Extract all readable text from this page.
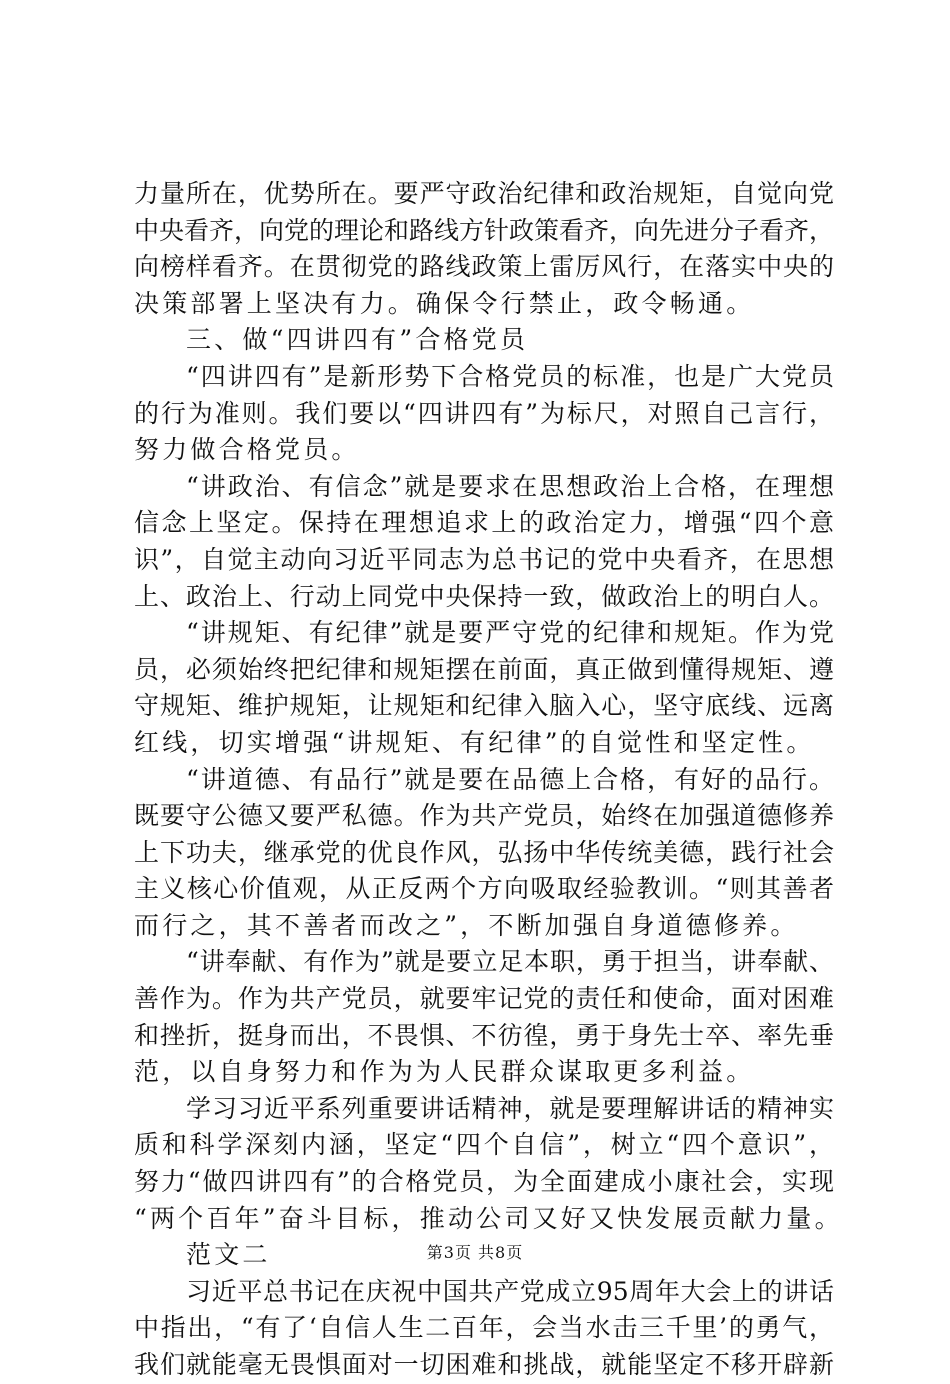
力量所在，优势所在。要严守政治纪律和政治规矩，自觉向党
中央看齐，向党的理论和路线方针政策看齐，向先进分子看齐，
向榜样看齐。在贯彻党的路线政策上雷厉风行，在落实中央的
决策部署上坚决有力。确保令行禁止，政令畅通。
三、做“四讲四有”合格党员
“四讲四有”是新形势下合格党员的标准，也是广大党员
的行为准则。我们要以“四讲四有”为标尺，对照自己言行，
努力做合格党员。
“讲政治、有信念”就是要求在思想政治上合格，在理想
信念上坚定。保持在理想追求上的政治定力，增强“四个意
识”，自觉主动向习近平同志为总书记的党中央看齐，在思想
上、政治上、行动上同党中央保持一致，做政治上的明白人。
“讲规矩、有纪律”就是要严守党的纪律和规矩。作为党
员，必须始终把纪律和规矩摆在前面，真正做到懂得规矩、遵
守规矩、维护规矩，让规矩和纪律入脑入心，坚守底线、远离
红线，切实增强“讲规矩、有纪律”的自觉性和坚定性。
“讲道德、有品行”就是要在品德上合格，有好的品行。
既要守公德又要严私德。作为共产党员，始终在加强道德修养
上下功夫，继承党的优良作风，弘扬中华传统美德，践行社会
主义核心价值观，从正反两个方向吸取经验教训。“则其善者
而行之，其不善者而改之”，不断加强自身道德修养。
“讲奉献、有作为”就是要立足本职，勇于担当，讲奉献、
善作为。作为共产党员，就要牢记党的责任和使命，面对困难
和挫折，挺身而出，不畏惧、不彷徨，勇于身先士卒、率先垂
范，以自身努力和作为为人民群众谋取更多利益。
学习习近平系列重要讲话精神，就是要理解讲话的精神实
质和科学深刻内涵，坚定“四个自信”，树立“四个意识”，
努力“做四讲四有”的合格党员，为全面建成小康社会，实现
“两个百年”奋斗目标，推动公司又好又快发展贡献力量。
范文二
习近平总书记在庆祝中国共产党成立95周年大会上的讲话
中指出，“有了‘自信人生二百年，会当水击三千里’的勇气，
我们就能毫无畏惧面对一切困难和挑战，就能坚定不移开辟新
第3页 共8页
